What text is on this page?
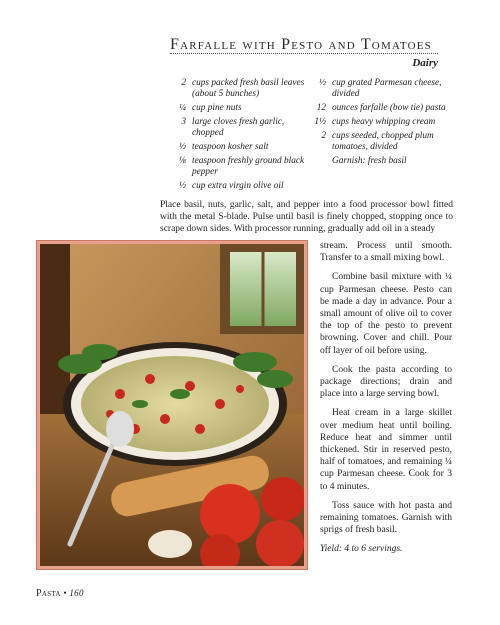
Farfalle with Pesto and Tomatoes
Dairy
2 cups packed fresh basil leaves (about 5 bunches)
¼ cup pine nuts
3 large cloves fresh garlic, chopped
½ teaspoon kosher salt
⅛ teaspoon freshly ground black pepper
½ cup extra virgin olive oil
½ cup grated Parmesan cheese, divided
12 ounces farfalle (bow tie) pasta
1½ cups heavy whipping cream
2 cups seeded, chopped plum tomatoes, divided
Garnish: fresh basil
Place basil, nuts, garlic, salt, and pepper into a food processor bowl fitted with the metal S-blade. Pulse until basil is finely chopped, stopping once to scrape down sides. With processor running, gradually add oil in a steady

stream. Process until smooth. Transfer to a small mixing bowl.

Combine basil mixture with ¼ cup Parmesan cheese. Pesto can be made a day in advance. Pour a small amount of olive oil to cover the top of the pesto to prevent browning. Cover and chill. Pour off layer of oil before using.

Cook the pasta according to package directions; drain and place into a large serving bowl.

Heat cream in a large skillet over medium heat until boiling. Reduce heat and simmer until thickened. Stir in reserved pesto, half of tomatoes, and remaining ¼ cup Parmesan cheese. Cook for 3 to 4 minutes.

Toss sauce with hot pasta and remaining tomatoes. Garnish with sprigs of fresh basil.

Yield: 4 to 6 servings.

Pasta • 160
